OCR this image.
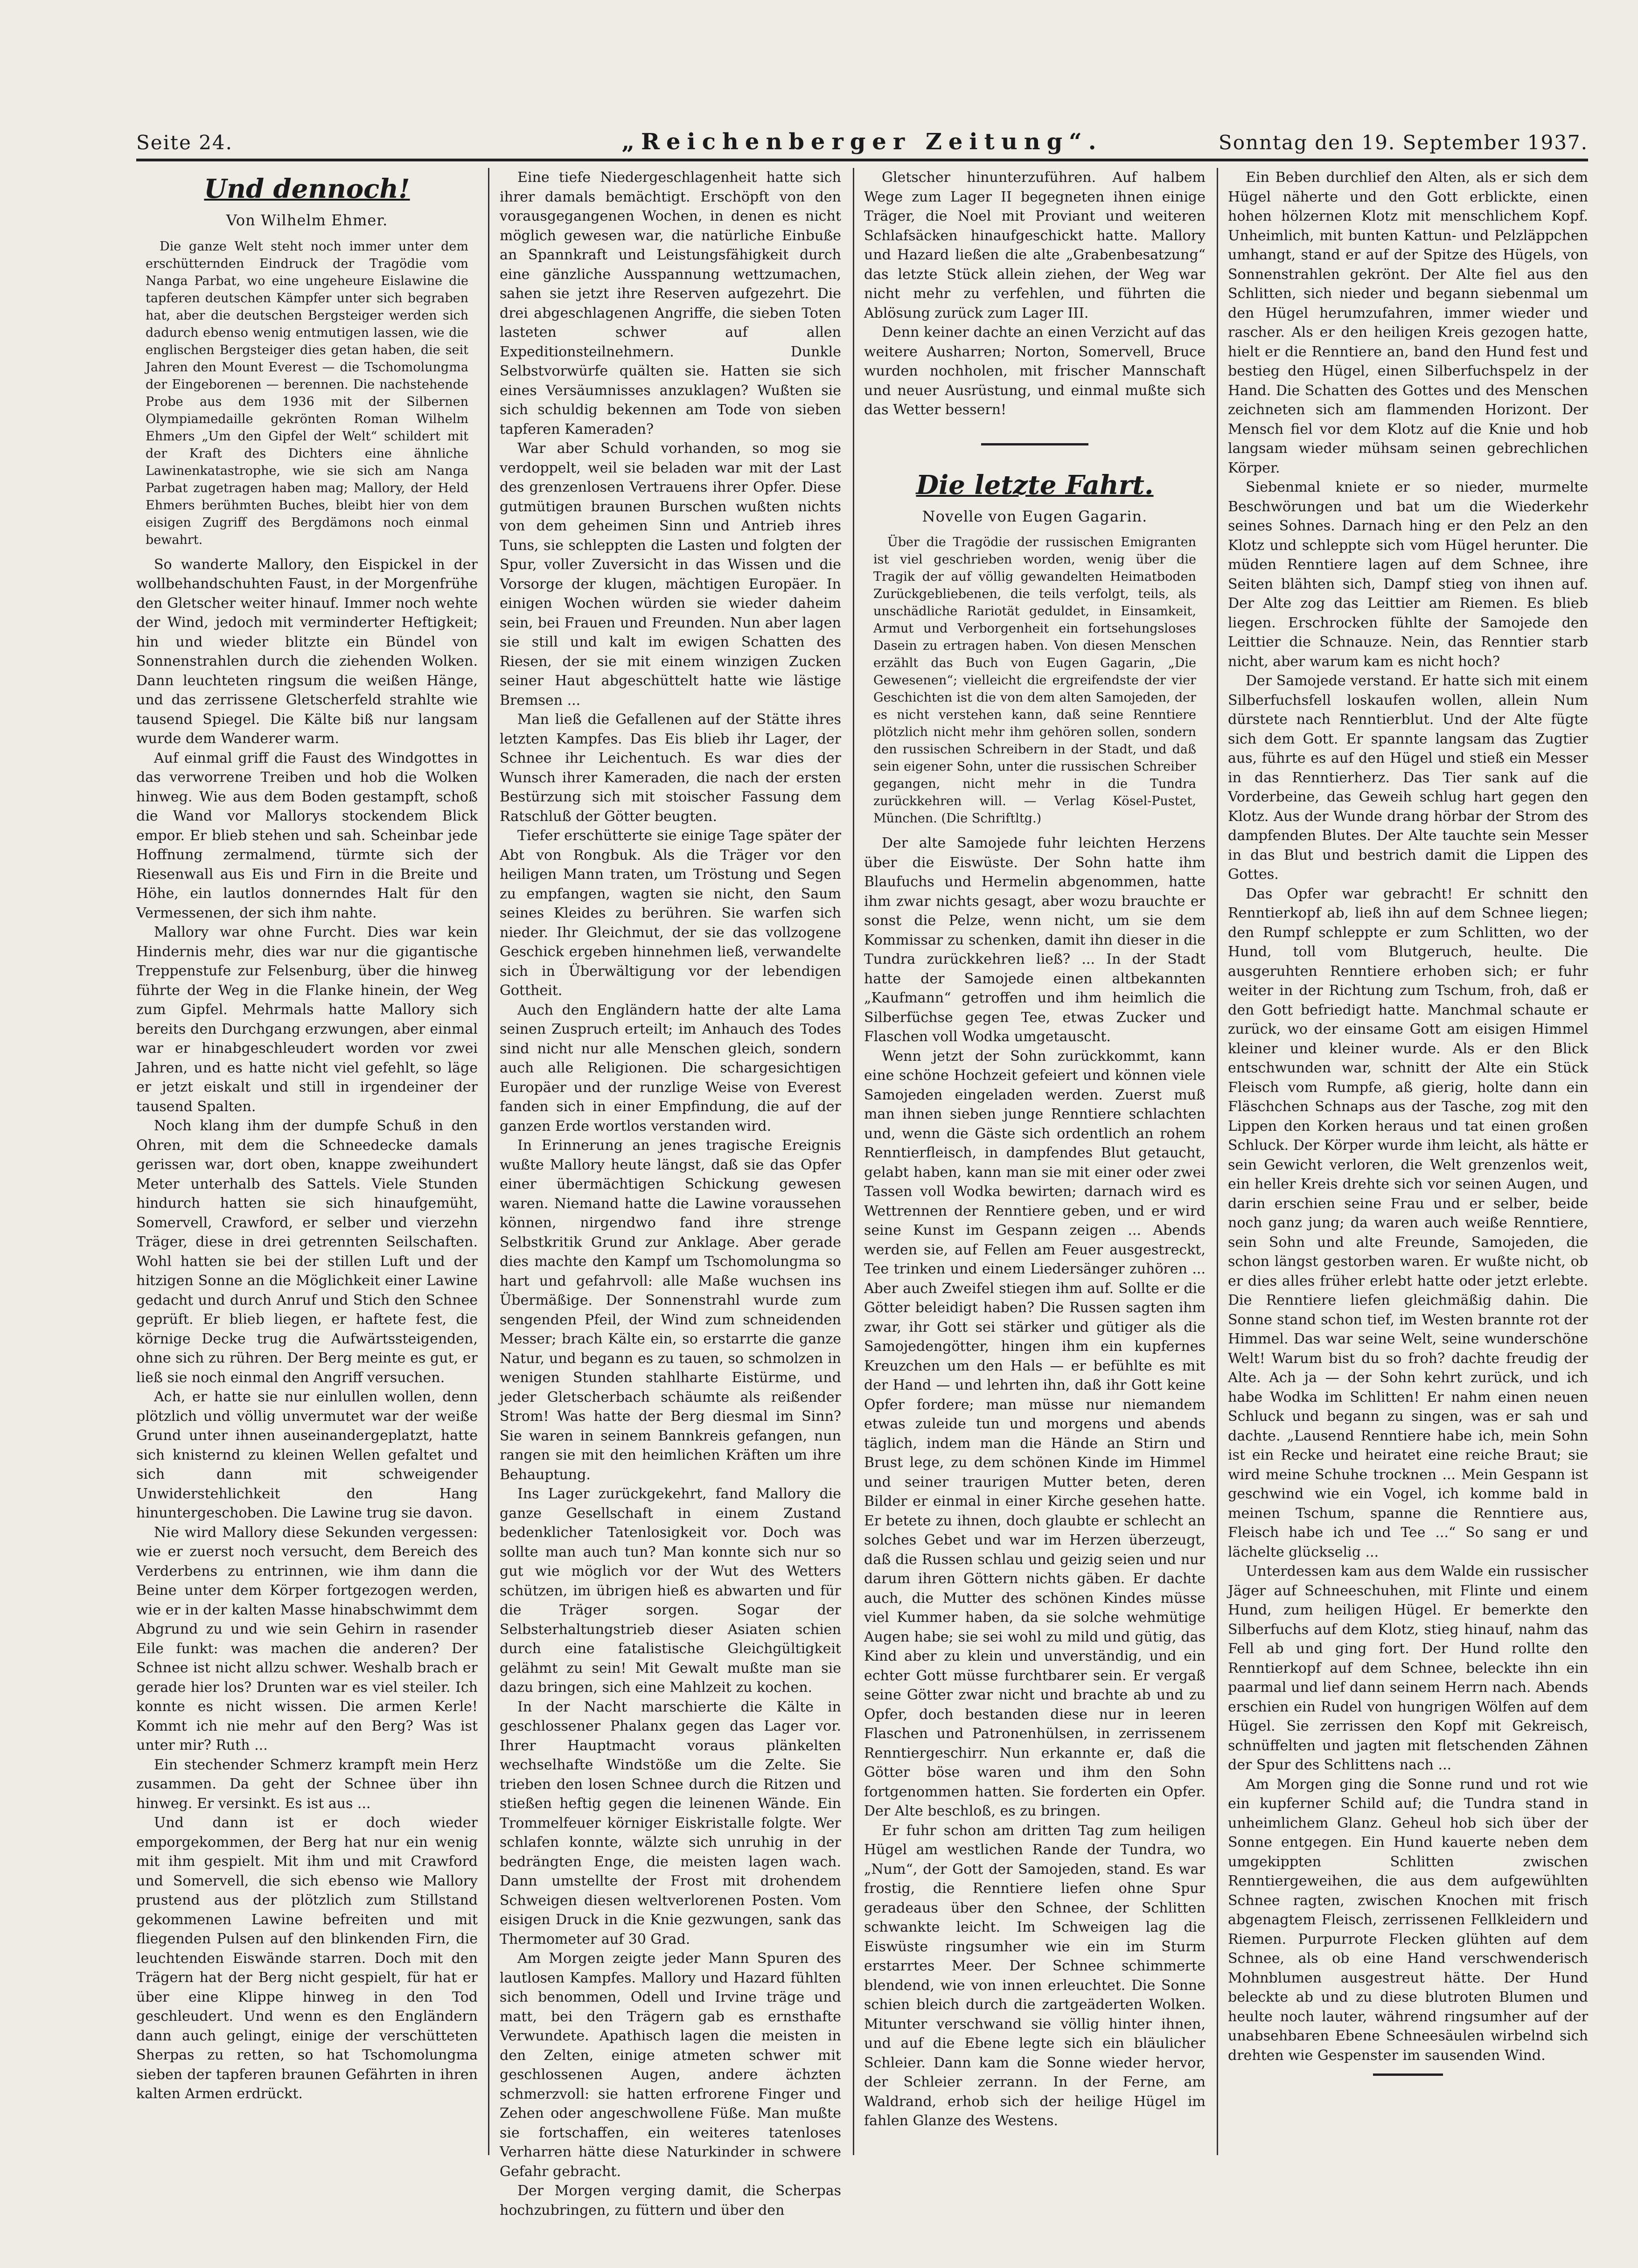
Seite 24.	„Reichenberger Zeitung“.	Sonntag den 19. September 1937.
Und dennoch!
Von Wilhelm Ehmer.

Die ganze Welt steht noch immer unter dem erschütternden Eindruck der Tragödie vom Nanga Parbat, wo eine ungeheure Eislawine die tapferen deutschen Kämpfer unter sich begraben hat, aber die deutschen Bergsteiger werden sich dadurch ebenso wenig entmutigen lassen, wie die englischen Bergsteiger dies getan haben, die seit Jahren den Mount Everest — die Tschomolungma der Eingeborenen — berennen. Die nachstehende Probe aus dem 1936 mit der Silbernen Olympiamedaille gekrönten Roman Wilhelm Ehmers „Um den Gipfel der Welt“ schildert mit der Kraft des Dichters eine ähnliche Lawinenkatastrophe, wie sie sich am Nanga Parbat zugetragen haben mag; Mallory, der Held Ehmers berühmten Buches, bleibt hier von dem eisigen Zugriff des Bergdämons noch einmal bewahrt.

So wanderte Mallory, den Eispickel in der wollbehandschuhten Faust, in der Morgenfrühe den Gletscher weiter hinauf. Immer noch wehte der Wind, jedoch mit verminderter Heftigkeit; hin und wieder blitzte ein Bündel von Sonnenstrahlen durch die ziehenden Wolken. Dann leuchteten ringsum die weißen Hänge, und das zerrissene Gletscherfeld strahlte wie tausend Spiegel. Die Kälte biß nur langsam wurde dem Wanderer warm.

Auf einmal griff die Faust des Windgottes in das verworrene Treiben und hob die Wolken hinweg. Wie aus dem Boden gestampft, schoß die Wand vor Mallorys stockendem Blick empor. Er blieb stehen und sah. Scheinbar jede Hoffnung zermalmend, türmte sich der Riesenwall aus Eis und Firn in die Breite und Höhe, ein lautlos donnerndes Halt für den Vermessenen, der sich ihm nahte.

Mallory war ohne Furcht. Dies war kein Hindernis mehr, dies war nur die gigantische Treppenstufe zur Felsenburg, über die hinweg führte der Weg in die Flanke hinein, der Weg zum Gipfel. Mehrmals hatte Mallory sich bereits den Durchgang erzwungen, aber einmal war er hinabgeschleudert worden vor zwei Jahren, und es hatte nicht viel gefehlt, so läge er jetzt eiskalt und still in irgendeiner der tausend Spalten.

Noch klang ihm der dumpfe Schuß in den Ohren, mit dem die Schneedecke damals gerissen war, dort oben, knappe zweihundert Meter unterhalb des Sattels. Viele Stunden hindurch hatten sie sich hinaufgemüht, Somervell, Crawford, er selber und vierzehn Träger, diese in drei getrennten Seilschaften. Wohl hatten sie bei der stillen Luft und der hitzigen Sonne an die Möglichkeit einer Lawine gedacht und durch Anruf und Stich den Schnee geprüft. Er blieb liegen, er haftete fest, die körnige Decke trug die Aufwärtssteigenden, ohne sich zu rühren. Der Berg meinte es gut, er ließ sie noch einmal den Angriff versuchen.

Ach, er hatte sie nur einlullen wollen, denn plötzlich und völlig unvermutet war der weiße Grund unter ihnen auseinandergeplatzt, hatte sich knisternd zu kleinen Wellen gefaltet und sich dann mit schweigender Unwiderstehlichkeit den Hang hinuntergeschoben. Die Lawine trug sie davon.

Nie wird Mallory diese Sekunden vergessen: wie er zuerst noch versucht, dem Bereich des Verderbens zu entrinnen, wie ihm dann die Beine unter dem Körper fortgezogen werden, wie er in der kalten Masse hinabschwimmt dem Abgrund zu und wie sein Gehirn in rasender Eile funkt: was machen die anderen? Der Schnee ist nicht allzu schwer. Weshalb brach er gerade hier los? Drunten war es viel steiler. Ich konnte es nicht wissen. Die armen Kerle! Kommt ich nie mehr auf den Berg? Was ist unter mir? Ruth ...

Ein stechender Schmerz krampft mein Herz zusammen. Da geht der Schnee über ihn hinweg. Er versinkt. Es ist aus ...

Und dann ist er doch wieder emporgekommen, der Berg hat nur ein wenig mit ihm gespielt. Mit ihm und mit Crawford und Somervell, die sich ebenso wie Mallory prustend aus der plötzlich zum Stillstand gekommenen Lawine befreiten und mit fliegenden Pulsen auf den blinkenden Firn, die leuchtenden Eiswände starren. Doch mit den Trägern hat der Berg nicht gespielt, für hat er über eine Klippe hinweg in den Tod geschleudert. Und wenn es den Engländern dann auch gelingt, einige der verschütteten Sherpas zu retten, so hat Tschomolungma sieben der tapferen braunen Gefährten in ihren kalten Armen erdrückt.

Eine tiefe Niedergeschlagenheit hatte sich ihrer damals bemächtigt. Erschöpft von den vorausgegangenen Wochen, in denen es nicht möglich gewesen war, die natürliche Einbuße an Spannkraft und Leistungsfähigkeit durch eine gänzliche Ausspannung wettzumachen, sahen sie jetzt ihre Reserven aufgezehrt. Die drei abgeschlagenen Angriffe, die sieben Toten lasteten schwer auf allen Expeditionsteilnehmern. Dunkle Selbstvorwürfe quälten sie. Hatten sie sich eines Versäumnisses anzuklagen? Wußten sie sich schuldig bekennen am Tode von sieben tapferen Kameraden?

War aber Schuld vorhanden, so mog sie verdoppelt, weil sie beladen war mit der Last des grenzenlosen Vertrauens ihrer Opfer. Diese gutmütigen braunen Burschen wußten nichts von dem geheimen Sinn und Antrieb ihres Tuns, sie schleppten die Lasten und folgten der Spur, voller Zuversicht in das Wissen und die Vorsorge der klugen, mächtigen Europäer. In einigen Wochen würden sie wieder daheim sein, bei Frauen und Freunden. Nun aber lagen sie still und kalt im ewigen Schatten des Riesen, der sie mit einem winzigen Zucken seiner Haut abgeschüttelt hatte wie lästige Bremsen ...

Man ließ die Gefallenen auf der Stätte ihres letzten Kampfes. Das Eis blieb ihr Lager, der Schnee ihr Leichentuch. Es war dies der Wunsch ihrer Kameraden, die nach der ersten Bestürzung sich mit stoischer Fassung dem Ratschluß der Götter beugten.

Tiefer erschütterte sie einige Tage später der Abt von Rongbuk. Als die Träger vor den heiligen Mann traten, um Tröstung und Segen zu empfangen, wagten sie nicht, den Saum seines Kleides zu berühren. Sie warfen sich nieder. Ihr Gleichmut, der sie das vollzogene Geschick ergeben hinnehmen ließ, verwandelte sich in Überwältigung vor der lebendigen Gottheit.

Auch den Engländern hatte der alte Lama seinen Zuspruch erteilt; im Anhauch des Todes sind nicht nur alle Menschen gleich, sondern auch alle Religionen. Die schargesichtigen Europäer und der runzlige Weise von Everest fanden sich in einer Empfindung, die auf der ganzen Erde wortlos verstanden wird.

In Erinnerung an jenes tragische Ereignis wußte Mallory heute längst, daß sie das Opfer einer übermächtigen Schickung gewesen waren. Niemand hatte die Lawine voraussehen können, nirgendwo fand ihre strenge Selbstkritik Grund zur Anklage. Aber gerade dies machte den Kampf um Tschomolungma so hart und gefahrvoll: alle Maße wuchsen ins Übermäßige. Der Sonnenstrahl wurde zum sengenden Pfeil, der Wind zum schneidenden Messer; brach Kälte ein, so erstarrte die ganze Natur, und begann es zu tauen, so schmolzen in wenigen Stunden stahlharte Eistürme, und jeder Gletscherbach schäumte als reißender Strom! Was hatte der Berg diesmal im Sinn? Sie waren in seinem Bannkreis gefangen, nun rangen sie mit den heimlichen Kräften um ihre Behauptung.

Ins Lager zurückgekehrt, fand Mallory die ganze Gesellschaft in einem Zustand bedenklicher Tatenlosigkeit vor. Doch was sollte man auch tun? Man konnte sich nur so gut wie möglich vor der Wut des Wetters schützen, im übrigen hieß es abwarten und für die Träger sorgen. Sogar der Selbsterhaltungstrieb dieser Asiaten schien durch eine fatalistische Gleichgültigkeit gelähmt zu sein! Mit Gewalt mußte man sie dazu bringen, sich eine Mahlzeit zu kochen.

In der Nacht marschierte die Kälte in geschlossener Phalanx gegen das Lager vor. Ihrer Hauptmacht voraus plänkelten wechselhafte Windstöße um die Zelte. Sie trieben den losen Schnee durch die Ritzen und stießen heftig gegen die leinenen Wände. Ein Trommelfeuer körniger Eiskristalle folgte. Wer schlafen konnte, wälzte sich unruhig in der bedrängten Enge, die meisten lagen wach. Dann umstellte der Frost mit drohendem Schweigen diesen weltverlorenen Posten. Vom eisigen Druck in die Knie gezwungen, sank das Thermometer auf 30 Grad.

Am Morgen zeigte jeder Mann Spuren des lautlosen Kampfes. Mallory und Hazard fühlten sich benommen, Odell und Irvine träge und matt, bei den Trägern gab es ernsthafte Verwundete. Apathisch lagen die meisten in den Zelten, einige atmeten schwer mit geschlossenen Augen, andere ächzten schmerzvoll: sie hatten erfrorene Finger und Zehen oder angeschwollene Füße. Man mußte sie fortschaffen, ein weiteres tatenloses Verharren hätte diese Naturkinder in schwere Gefahr gebracht.

Der Morgen verging damit, die Scherpas hochzubringen, zu füttern und über den

Gletscher hinunterzuführen. Auf halbem Wege zum Lager II begegneten ihnen einige Träger, die Noel mit Proviant und weiteren Schlafsäcken hinaufgeschickt hatte. Mallory und Hazard ließen die alte „Grabenbesatzung“ das letzte Stück allein ziehen, der Weg war nicht mehr zu verfehlen, und führten die Ablösung zurück zum Lager III.

Denn keiner dachte an einen Verzicht auf das weitere Ausharren; Norton, Somervell, Bruce wurden nochholen, mit frischer Mannschaft und neuer Ausrüstung, und einmal mußte sich das Wetter bessern!

Die letzte Fahrt.
Novelle von Eugen Gagarin.

Über die Tragödie der russischen Emigranten ist viel geschrieben worden, wenig über die Tragik der auf völlig gewandelten Heimatboden Zurückgebliebenen, die teils verfolgt, teils, als unschädliche Rariotät geduldet, in Einsamkeit, Armut und Verborgenheit ein fortsehungsloses Dasein zu ertragen haben. Von diesen Menschen erzählt das Buch von Eugen Gagarin, „Die Gewesenen“; vielleicht die ergreifendste der vier Geschichten ist die von dem alten Samojeden, der es nicht verstehen kann, daß seine Renntiere plötzlich nicht mehr ihm gehören sollen, sondern den russischen Schreibern in der Stadt, und daß sein eigener Sohn, unter die russischen Schreiber gegangen, nicht mehr in die Tundra zurückkehren will. — Verlag Kösel-Pustet, München. (Die Schriftltg.)

Der alte Samojede fuhr leichten Herzens über die Eiswüste. Der Sohn hatte ihm Blaufuchs und Hermelin abgenommen, hatte ihm zwar nichts gesagt, aber wozu brauchte er sonst die Pelze, wenn nicht, um sie dem Kommissar zu schenken, damit ihn dieser in die Tundra zurückkehren ließ? ... In der Stadt hatte der Samojede einen altbekannten „Kaufmann“ getroffen und ihm heimlich die Silberfüchse gegen Tee, etwas Zucker und Flaschen voll Wodka umgetauscht.

Wenn jetzt der Sohn zurückkommt, kann eine schöne Hochzeit gefeiert und können viele Samojeden eingeladen werden. Zuerst muß man ihnen sieben junge Renntiere schlachten und, wenn die Gäste sich ordentlich an rohem Renntierfleisch, in dampfendes Blut getaucht, gelabt haben, kann man sie mit einer oder zwei Tassen voll Wodka bewirten; darnach wird es Wettrennen der Renntiere geben, und er wird seine Kunst im Gespann zeigen ... Abends werden sie, auf Fellen am Feuer ausgestreckt, Tee trinken und einem Liedersänger zuhören ... Aber auch Zweifel stiegen ihm auf. Sollte er die Götter beleidigt haben? Die Russen sagten ihm zwar, ihr Gott sei stärker und gütiger als die Samojedengötter, hingen ihm ein kupfernes Kreuzchen um den Hals — er befühlte es mit der Hand — und lehrten ihn, daß ihr Gott keine Opfer fordere; man müsse nur niemandem etwas zuleide tun und morgens und abends täglich, indem man die Hände an Stirn und Brust lege, zu dem schönen Kinde im Himmel und seiner traurigen Mutter beten, deren Bilder er einmal in einer Kirche gesehen hatte. Er betete zu ihnen, doch glaubte er schlecht an solches Gebet und war im Herzen überzeugt, daß die Russen schlau und geizig seien und nur darum ihren Göttern nichts gäben. Er dachte auch, die Mutter des schönen Kindes müsse viel Kummer haben, da sie solche wehmütige Augen habe; sie sei wohl zu mild und gütig, das Kind aber zu klein und unverständig, und ein echter Gott müsse furchtbarer sein. Er vergaß seine Götter zwar nicht und brachte ab und zu Opfer, doch bestanden diese nur in leeren Flaschen und Patronenhülsen, in zerrissenem Renntiergeschirr. Nun erkannte er, daß die Götter böse waren und ihm den Sohn fortgenommen hatten. Sie forderten ein Opfer. Der Alte beschloß, es zu bringen.

Er fuhr schon am dritten Tag zum heiligen Hügel am westlichen Rande der Tundra, wo „Num“, der Gott der Samojeden, stand. Es war frostig, die Renntiere liefen ohne Spur geradeaus über den Schnee, der Schlitten schwankte leicht. Im Schweigen lag die Eiswüste ringsumher wie ein im Sturm erstarrtes Meer. Der Schnee schimmerte blendend, wie von innen erleuchtet. Die Sonne schien bleich durch die zartgeäderten Wolken. Mitunter verschwand sie völlig hinter ihnen, und auf die Ebene legte sich ein bläulicher Schleier. Dann kam die Sonne wieder hervor, der Schleier zerrann. In der Ferne, am Waldrand, erhob sich der heilige Hügel im fahlen Glanze des Westens.

Ein Beben durchlief den Alten, als er sich dem Hügel näherte und den Gott erblickte, einen hohen hölzernen Klotz mit menschlichem Kopf. Unheimlich, mit bunten Kattun- und Pelzläppchen umhangt, stand er auf der Spitze des Hügels, von Sonnenstrahlen gekrönt. Der Alte fiel aus den Schlitten, sich nieder und begann siebenmal um den Hügel herumzufahren, immer wieder und rascher. Als er den heiligen Kreis gezogen hatte, hielt er die Renntiere an, band den Hund fest und bestieg den Hügel, einen Silberfuchspelz in der Hand. Die Schatten des Gottes und des Menschen zeichneten sich am flammenden Horizont. Der Mensch fiel vor dem Klotz auf die Knie und hob langsam wieder mühsam seinen gebrechlichen Körper.

Siebenmal kniete er so nieder, murmelte Beschwörungen und bat um die Wiederkehr seines Sohnes. Darnach hing er den Pelz an den Klotz und schleppte sich vom Hügel herunter. Die müden Renntiere lagen auf dem Schnee, ihre Seiten blähten sich, Dampf stieg von ihnen auf. Der Alte zog das Leittier am Riemen. Es blieb liegen. Erschrocken fühlte der Samojede den Leittier die Schnauze. Nein, das Renntier starb nicht, aber warum kam es nicht hoch?

Der Samojede verstand. Er hatte sich mit einem Silberfuchsfell loskaufen wollen, allein Num dürstete nach Renntierblut. Und der Alte fügte sich dem Gott. Er spannte langsam das Zugtier aus, führte es auf den Hügel und stieß ein Messer in das Renntierherz. Das Tier sank auf die Vorderbeine, das Geweih schlug hart gegen den Klotz. Aus der Wunde drang hörbar der Strom des dampfenden Blutes. Der Alte tauchte sein Messer in das Blut und bestrich damit die Lippen des Gottes.

Das Opfer war gebracht! Er schnitt den Renntierkopf ab, ließ ihn auf dem Schnee liegen; den Rumpf schleppte er zum Schlitten, wo der Hund, toll vom Blutgeruch, heulte. Die ausgeruhten Renntiere erhoben sich; er fuhr weiter in der Richtung zum Tschum, froh, daß er den Gott befriedigt hatte. Manchmal schaute er zurück, wo der einsame Gott am eisigen Himmel kleiner und kleiner wurde. Als er den Blick entschwunden war, schnitt der Alte ein Stück Fleisch vom Rumpfe, aß gierig, holte dann ein Fläschchen Schnaps aus der Tasche, zog mit den Lippen den Korken heraus und tat einen großen Schluck. Der Körper wurde ihm leicht, als hätte er sein Gewicht verloren, die Welt grenzenlos weit, ein heller Kreis drehte sich vor seinen Augen, und darin erschien seine Frau und er selber, beide noch ganz jung; da waren auch weiße Renntiere, sein Sohn und alte Freunde, Samojeden, die schon längst gestorben waren. Er wußte nicht, ob er dies alles früher erlebt hatte oder jetzt erlebte. Die Renntiere liefen gleichmäßig dahin. Die Sonne stand schon tief, im Westen brannte rot der Himmel. Das war seine Welt, seine wunderschöne Welt! Warum bist du so froh? dachte freudig der Alte. Ach ja — der Sohn kehrt zurück, und ich habe Wodka im Schlitten! Er nahm einen neuen Schluck und begann zu singen, was er sah und dachte. „Lausend Renntiere habe ich, mein Sohn ist ein Recke und heiratet eine reiche Braut; sie wird meine Schuhe trocknen ... Mein Gespann ist geschwind wie ein Vogel, ich komme bald in meinen Tschum, spanne die Renntiere aus, Fleisch habe ich und Tee ...“ So sang er und lächelte glückselig ...

Unterdessen kam aus dem Walde ein russischer Jäger auf Schneeschuhen, mit Flinte und einem Hund, zum heiligen Hügel. Er bemerkte den Silberfuchs auf dem Klotz, stieg hinauf, nahm das Fell ab und ging fort. Der Hund rollte den Renntierkopf auf dem Schnee, beleckte ihn ein paarmal und lief dann seinem Herrn nach. Abends erschien ein Rudel von hungrigen Wölfen auf dem Hügel. Sie zerrissen den Kopf mit Gekreisch, schnüffelten und jagten mit fletschenden Zähnen der Spur des Schlittens nach ...

Am Morgen ging die Sonne rund und rot wie ein kupferner Schild auf; die Tundra stand in unheimlichem Glanz. Geheul hob sich über der Sonne entgegen. Ein Hund kauerte neben dem umgekippten Schlitten zwischen Renntiergeweihen, die aus dem aufgewühlten Schnee ragten, zwischen Knochen mit frisch abgenagtem Fleisch, zerrissenen Fellkleidern und Riemen. Purpurrote Flecken glühten auf dem Schnee, als ob eine Hand verschwenderisch Mohnblumen ausgestreut hätte. Der Hund beleckte ab und zu diese blutroten Blumen und heulte noch lauter, während ringsumher auf der unabsehbaren Ebene Schneesäulen wirbelnd sich drehten wie Gespenster im sausenden Wind.
